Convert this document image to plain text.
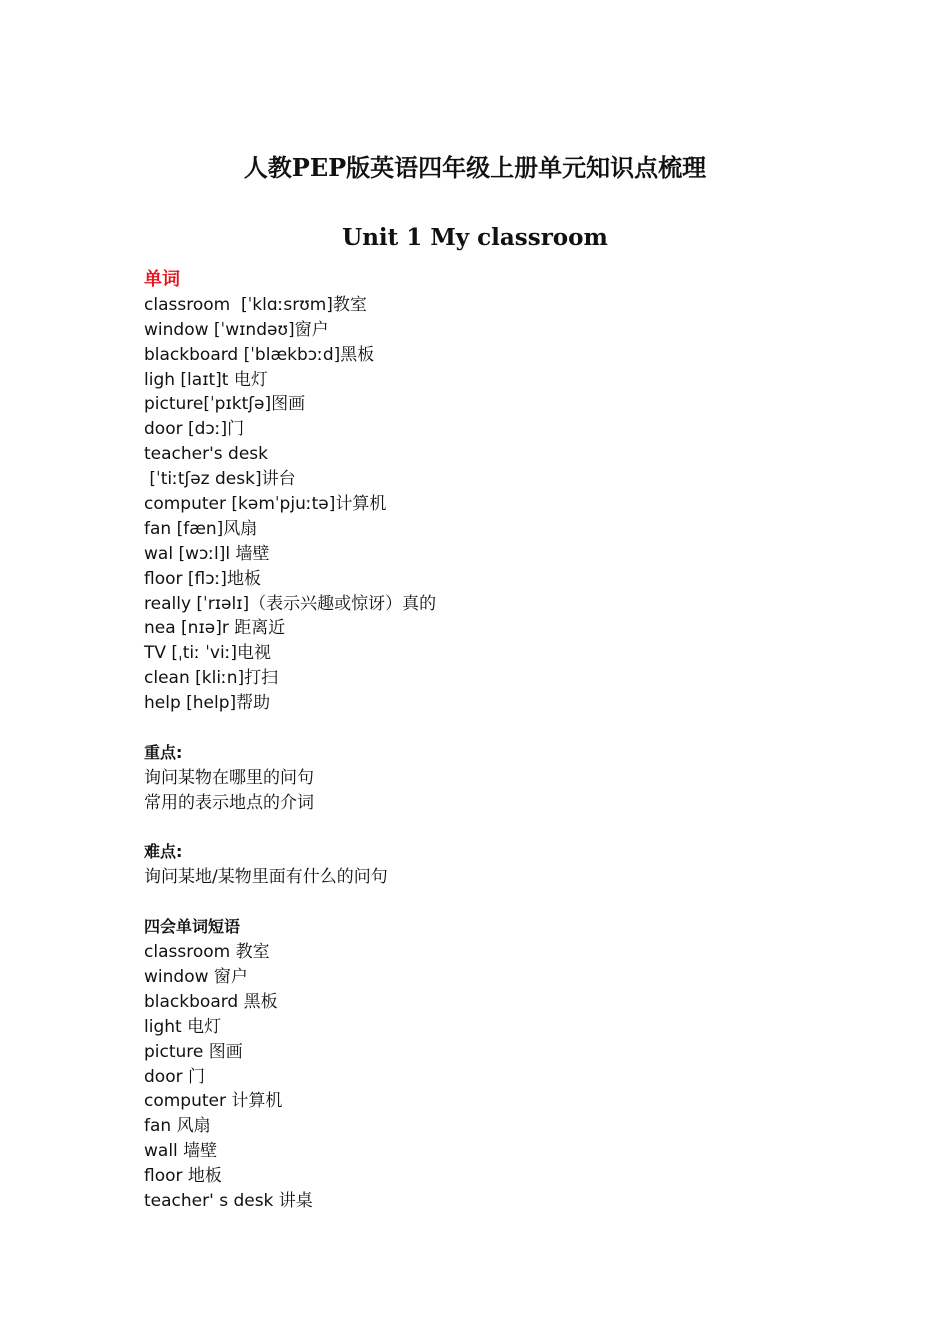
人教PEP版英语四年级上册单元知识点梳理
Unit 1 My classroom
单词
classroom  [ˈklɑːsrʊm]教室
window [ˈwɪndəʊ]窗户
blackboard [ˈblækbɔːd]黑板
ligh [laɪt]t 电灯
picture[ˈpɪktʃə]图画
door [dɔː]门
teacher's desk
[ˈtiːtʃəz desk]讲台
computer [kəmˈpjuːtə]计算机
fan [fæn]风扇
wal [wɔːl]l 墙壁
floor [flɔː]地板
really [ˈrɪəlɪ]（表示兴趣或惊讶）真的
nea [nɪə]r 距离近
TV [ˌtiː ˈviː]电视
clean [kliːn]打扫
help [help]帮助
重点:
询问某物在哪里的问句
常用的表示地点的介词
难点:
询问某地/某物里面有什么的问句
四会单词短语
classroom 教室
window 窗户
blackboard 黑板
light 电灯
picture 图画
door 门
computer 计算机
fan 风扇
wall 墙壁
floor 地板
teacher' s desk 讲桌
